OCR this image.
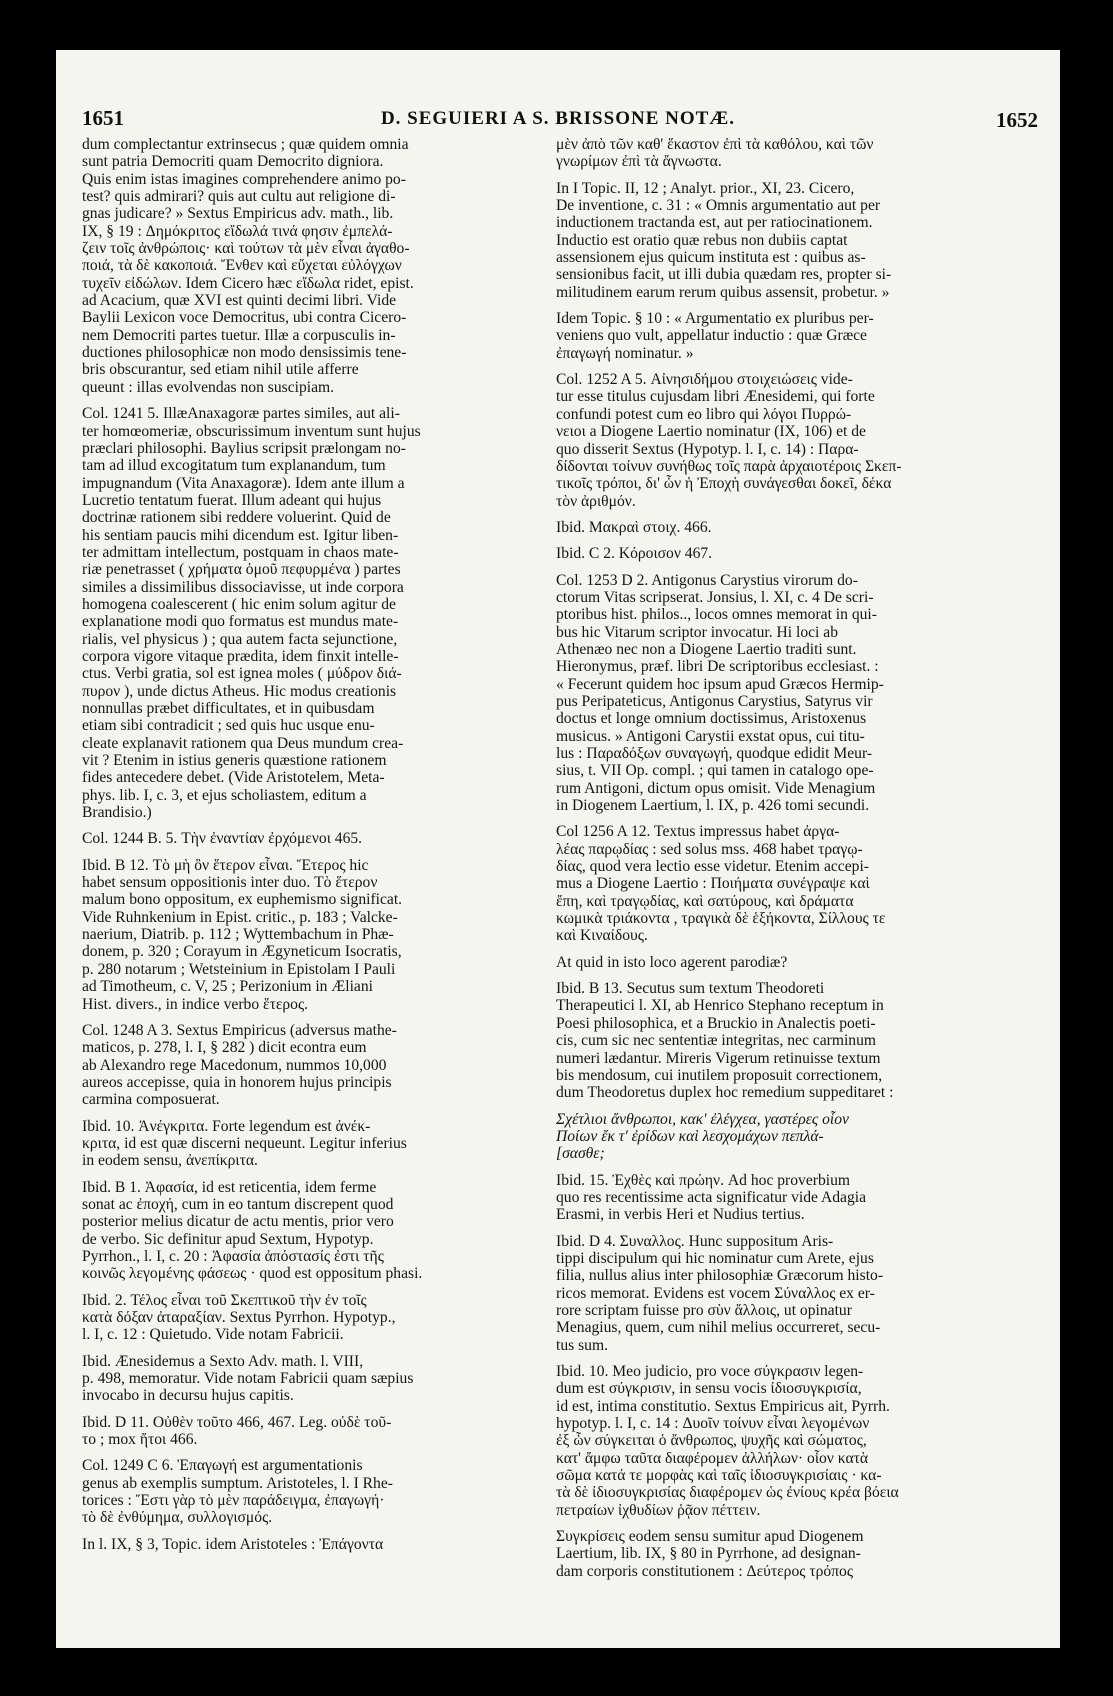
1651	D. SEGUIERI A S. BRISSONE NOTÆ.	1652

dum complectantur extrinsecus ; quæ quidem omnia
sunt patria Democriti quam Democrito digniora.
Quis enim istas imagines comprehendere animo po-
test? quis admirari? quis aut cultu aut religione di-
gnas judicare? » Sextus Empiricus adv. math., lib.
IX, § 19 : Δημόκριτος εἴδωλά τινά φησιν ἐμπελά-
ζειν τοῖς ἀνθρώποις· καὶ τούτων τὰ μὲν εἶναι ἀγαθο-
ποιά, τὰ δὲ κακοποιά. Ἔνθεν καὶ εὔχεται εὐλόγχων
τυχεῖν εἰδώλων. Idem Cicero hæc εἴδωλα ridet, epist.
ad Acacium, quæ XVI est quinti decimi libri. Vide
Baylii Lexicon voce Democritus, ubi contra Cicero-
nem Democriti partes tuetur. Illæ a corpusculis in-
ductiones philosophicæ non modo densissimis tene-
bris obscurantur, sed etiam nihil utile afferre
queunt : illas evolvendas non suscipiam.

Col. 1241 5. IllæAnaxagoræ partes similes, aut ali-
ter homœomeriæ, obscurissimum inventum sunt hujus
præclari philosophi. Baylius scripsit prælongam no-
tam ad illud excogitatum tum explanandum, tum
impugnandum (Vita Anaxagoræ). Idem ante illum a
Lucretio tentatum fuerat. Illum adeant qui hujus
doctrinæ rationem sibi reddere voluerint. Quid de
his sentiam paucis mihi dicendum est. Igitur liben-
ter admittam intellectum, postquam in chaos mate-
riæ penetrasset ( χρήματα ὁμοῦ πεφυρμένα ) partes
similes a dissimilibus dissociavisse, ut inde corpora
homogena coalescerent ( hic enim solum agitur de
explanatione modi quo formatus est mundus mate-
rialis, vel physicus ) ; qua autem facta sejunctione,
corpora vigore vitaque prædita, idem finxit intelle-
ctus. Verbi gratia, sol est ignea moles ( μύδρον διά-
πυρον ), unde dictus Atheus. Hic modus creationis
nonnullas præbet difficultates, et in quibusdam
etiam sibi contradicit ; sed quis huc usque enu-
cleate explanavit rationem qua Deus mundum crea-
vit ? Etenim in istius generis quæstione rationem
fides antecedere debet. (Vide Aristotelem, Meta-
phys. lib. I, c. 3, et ejus scholiastem, editum a
Brandisio.)

Col. 1244 B. 5. Τὴν ἐναντίαν ἐρχόμενοι 465.

Ibid. B 12. Τὸ μὴ ὂν ἕτερον εἶναι. Ἕτερος hic
habet sensum oppositionis inter duo. Τὸ ἕτερον
malum bono oppositum, ex euphemismo significat.
Vide Ruhnkenium in Epist. critic., p. 183 ; Valcke-
naerium, Diatrib. p. 112 ; Wyttembachum in Phæ-
donem, p. 320 ; Corayum in Ægyneticum Isocratis,
p. 280 notarum ; Wetsteinium in Epistolam I Pauli
ad Timotheum, c. V, 25 ; Perizonium in Æliani
Hist. divers., in indice verbo ἕτερος.

Col. 1248 A 3. Sextus Empiricus (adversus mathe-
maticos, p. 278, l. I, § 282 ) dicit econtra eum
ab Alexandro rege Macedonum, nummos 10,000
aureos accepisse, quia in honorem hujus principis
carmina composuerat.

Ibid. 10. Ἀνέγκριτα. Forte legendum est ἀνέκ-
κριτα, id est quæ discerni nequeunt. Legitur inferius
in eodem sensu, ἀνεπίκριτα.

Ibid. B 1. Ἀφασία, id est reticentia, idem ferme
sonat ac ἐποχή, cum in eo tantum discrepent quod
posterior melius dicatur de actu mentis, prior vero
de verbo. Sic definitur apud Sextum, Hypotyp.
Pyrrhon., l. I, c. 20 : Ἀφασία ἀπόστασίς ἐστι τῆς
κοινῶς λεγομένης φάσεως · quod est oppositum phasi.

Ibid. 2. Τέλος εἶναι τοῦ Σκεπτικοῦ τὴν ἐν τοῖς
κατὰ δόξαν ἀταραξίαν. Sextus Pyrrhon. Hypotyp.,
l. I, c. 12 : Quietudo. Vide notam Fabricii.

Ibid. Ænesidemus a Sexto Adv. math. l. VIII,
p. 498, memoratur. Vide notam Fabricii quam sæpius
invocabo in decursu hujus capitis.

Ibid. D 11. Οὐθὲν τοῦτο 466, 467. Leg. οὐδὲ τοῦ-
το ; mox ἤτοι 466.

Col. 1249 C 6. Ἐπαγωγή est argumentationis
genus ab exemplis sumptum. Aristoteles, l. I Rhe-
torices : Ἔστι γὰρ τὸ μὲν παράδειγμα, ἐπαγωγή·
τὸ δὲ ἐνθύμημα, συλλογισμός.

In l. IX, § 3, Topic. idem Aristoteles : Ἐπάγοντα

μὲν ἀπὸ τῶν καθ' ἕκαστον ἐπὶ τὰ καθόλου, καὶ τῶν
γνωρίμων ἐπὶ τὰ ἄγνωστα.

In I Topic. II, 12 ; Analyt. prior., XI, 23. Cicero,
De inventione, c. 31 : « Omnis argumentatio aut per
inductionem tractanda est, aut per ratiocinationem.
Inductio est oratio quæ rebus non dubiis captat
assensionem ejus quicum instituta est : quibus as-
sensionibus facit, ut illi dubia quædam res, propter si-
militudinem earum rerum quibus assensit, probetur. »

Idem Topic. § 10 : « Argumentatio ex pluribus per-
veniens quo vult, appellatur inductio : quæ Græce
ἐπαγωγή nominatur. »

Col. 1252 A 5. Αἰνησιδήμου στοιχειώσεις vide-
tur esse titulus cujusdam libri Ænesidemi, qui forte
confundi potest cum eo libro qui λόγοι Πυρρώ-
νειοι a Diogene Laertio nominatur (IX, 106) et de
quo disserit Sextus (Hypotyp. l. I, c. 14) : Παρα-
δίδονται τοίνυν συνήθως τοῖς παρὰ ἀρχαιοτέροις Σκεπ-
τικοῖς τρόποι, δι' ὧν ἡ Ἐποχὴ συνάγεσθαι δοκεῖ, δέκα
τὸν ἀριθμόν.

Ibid. Μακραὶ στοιχ. 466.

Ibid. C 2. Κόροισον 467.

Col. 1253 D 2. Antigonus Carystius virorum do-
ctorum Vitas scripserat. Jonsius, l. XI, c. 4 De scri-
ptoribus hist. philos.., locos omnes memorat in qui-
bus hic Vitarum scriptor invocatur. Hi loci ab
Athenæo nec non a Diogene Laertio traditi sunt.
Hieronymus, præf. libri De scriptoribus ecclesiast. :
« Fecerunt quidem hoc ipsum apud Græcos Hermip-
pus Peripateticus, Antigonus Carystius, Satyrus vir
doctus et longe omnium doctissimus, Aristoxenus
musicus. » Antigoni Carystii exstat opus, cui titu-
lus : Παραδόξων συναγωγή, quodque edidit Meur-
sius, t. VII Op. compl. ; qui tamen in catalogo ope-
rum Antigoni, dictum opus omisit. Vide Menagium
in Diogenem Laertium, l. IX, p. 426 tomi secundi.

Col 1256 A 12. Textus impressus habet ἀργα-
λέας παρῳδίας : sed solus mss. 468 habet τραγῳ-
δίας, quod vera lectio esse videtur. Etenim accepi-
mus a Diogene Laertio : Ποιήματα συνέγραψε καὶ
ἔπη, καὶ τραγῳδίας, καὶ σατύρους, καὶ δράματα
κωμικὰ τριάκοντα , τραγικὰ δὲ ἑξήκοντα, Σίλλους τε
καὶ Κιναίδους.

At quid in isto loco agerent parodiæ?

Ibid. B 13. Secutus sum textum Theodoreti
Therapeutici l. XI, ab Henrico Stephano receptum in
Poesi philosophica, et a Bruckio in Analectis poeti-
cis, cum sic nec sententiæ integritas, nec carminum
numeri lædantur. Mireris Vigerum retinuisse textum
bis mendosum, cui inutilem proposuit correctionem,
dum Theodoretus duplex hoc remedium suppeditaret :

Σχέτλιοι ἄνθρωποι, κακ' ἐλέγχεα, γαστέρες οἷον
Ποίων ἔκ τ' ἐρίδων καὶ λεσχομάχων πεπλά-
[σασθε;

Ibid. 15. Ἐχθὲς καὶ πρώην. Ad hoc proverbium
quo res recentissime acta significatur vide Adagia
Erasmi, in verbis Heri et Nudius tertius.

Ibid. D 4. Συναλλος. Hunc suppositum Aris-
tippi discipulum qui hic nominatur cum Arete, ejus
filia, nullus alius inter philosophiæ Græcorum histo-
ricos memorat. Evidens est vocem Σύναλλος ex er-
rore scriptam fuisse pro σὺν ἄλλοις, ut opinatur
Menagius, quem, cum nihil melius occurreret, secu-
tus sum.

Ibid. 10. Meo judicio, pro voce σύγκρασιν legen-
dum est σύγκρισιν, in sensu vocis ἰδιοσυγκρισία,
id est, intima constitutio. Sextus Empiricus ait, Pyrrh.
hypotyp. l. I, c. 14 : Δυοῖν τοίνυν εἶναι λεγομένων
ἐξ ὧν σύγκειται ὁ ἄνθρωπος, ψυχῆς καὶ σώματος,
κατ' ἄμφω ταῦτα διαφέρομεν ἀλλήλων· οἷον κατὰ
σῶμα κατά τε μορφὰς καὶ ταῖς ἰδιοσυγκρισίαις · κα-
τὰ δὲ ἰδιοσυγκρισίας διαφέρομεν ὡς ἐνίους κρέα βόεια
πετραίων ἰχθυδίων ῥᾷον πέττειν.

Συγκρίσεις eodem sensu sumitur apud Diogenem
Laertium, lib. IX, § 80 in Pyrrhone, ad designan-
dam corporis constitutionem : Δεύτερος τρόπος
